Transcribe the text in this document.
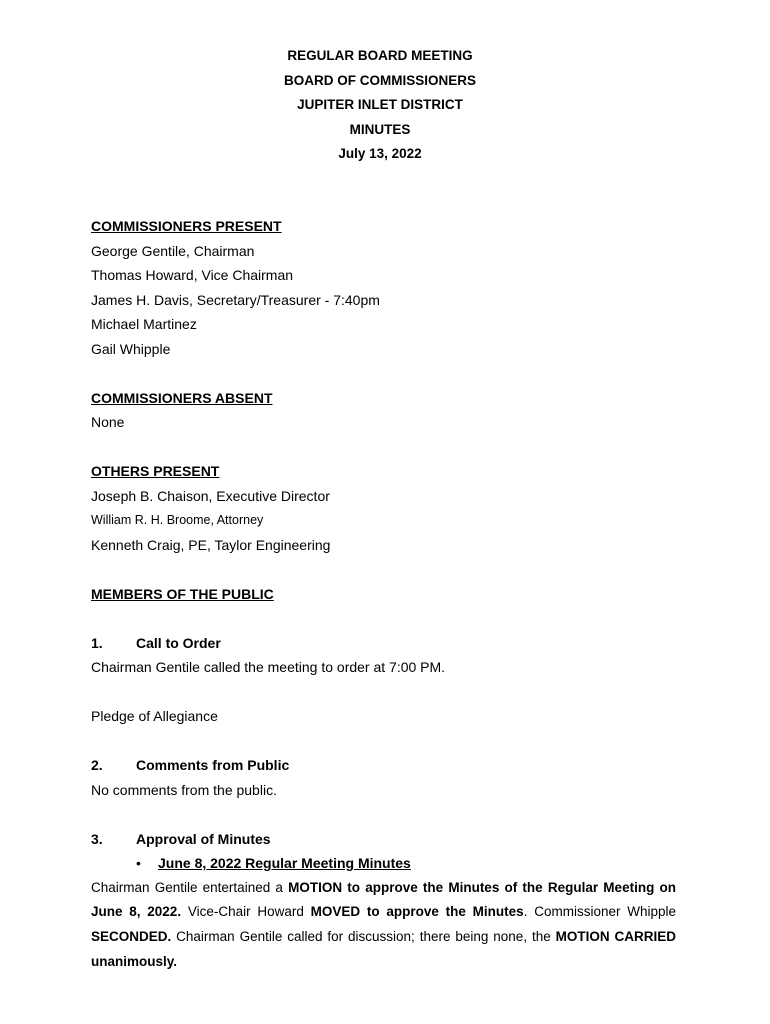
REGULAR BOARD MEETING
BOARD OF COMMISSIONERS
JUPITER INLET DISTRICT
MINUTES
July 13, 2022
COMMISSIONERS PRESENT
George Gentile, Chairman
Thomas Howard, Vice Chairman
James H. Davis, Secretary/Treasurer - 7:40pm
Michael Martinez
Gail Whipple
COMMISSIONERS ABSENT
None
OTHERS PRESENT
Joseph B. Chaison, Executive Director
William R. H. Broome, Attorney
Kenneth Craig, PE, Taylor Engineering
MEMBERS OF THE PUBLIC
1. Call to Order
Chairman Gentile called the meeting to order at 7:00 PM.
Pledge of Allegiance
2. Comments from Public
No comments from the public.
3. Approval of Minutes
• June 8, 2022 Regular Meeting Minutes
Chairman Gentile entertained a MOTION to approve the Minutes of the Regular Meeting on June 8, 2022. Vice-Chair Howard MOVED to approve the Minutes. Commissioner Whipple SECONDED. Chairman Gentile called for discussion; there being none, the MOTION CARRIED unanimously.
